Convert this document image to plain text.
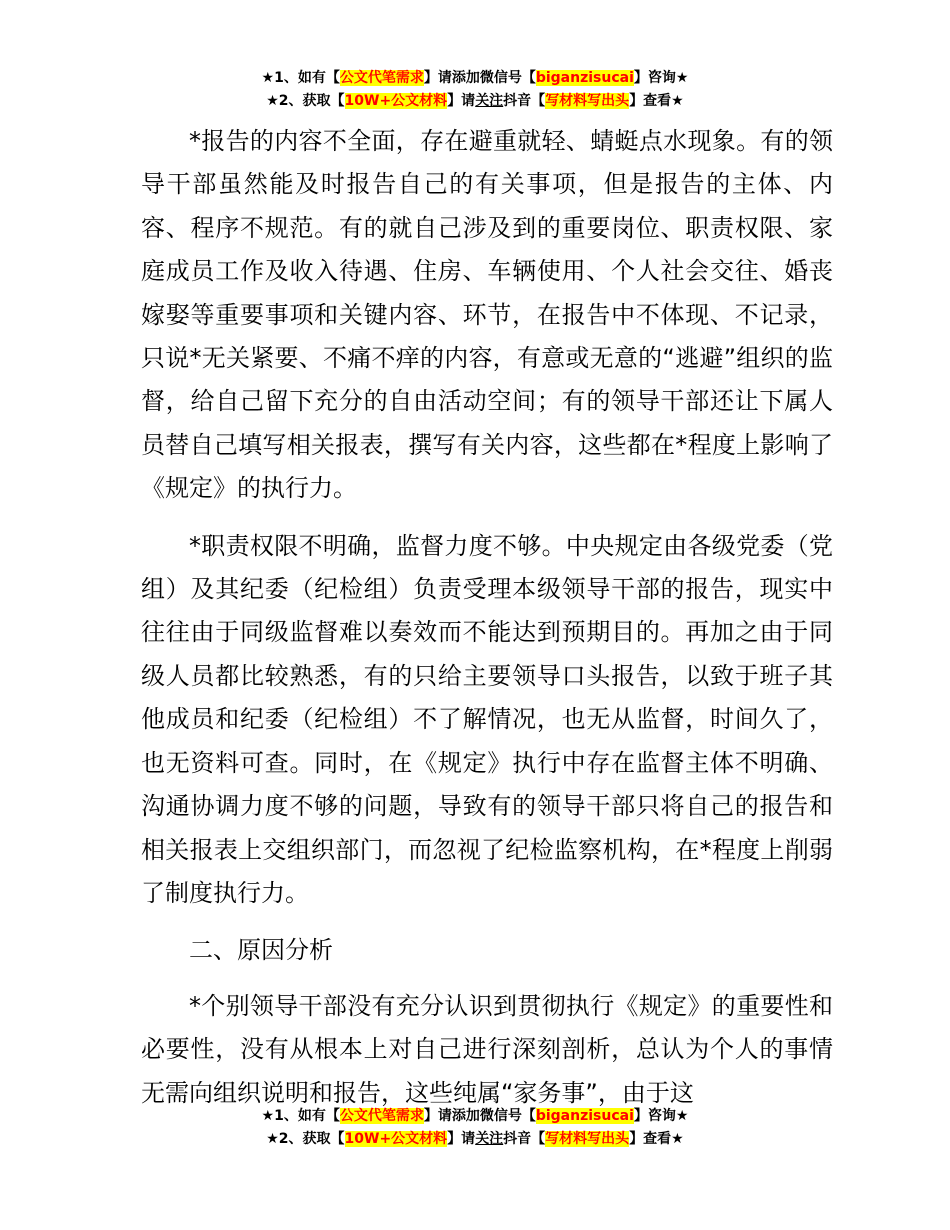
★1、如有【公文代笔需求】请添加微信号【biganzisucai】咨询★
★2、获取【10W+公文材料】请关注抖音【写材料写出头】查看★

*报告的内容不全面，存在避重就轻、蜻蜓点水现象。有的领导干部虽然能及时报告自己的有关事项，但是报告的主体、内容、程序不规范。有的就自己涉及到的重要岗位、职责权限、家庭成员工作及收入待遇、住房、车辆使用、个人社会交往、婚丧嫁娶等重要事项和关键内容、环节，在报告中不体现、不记录，只说*无关紧要、不痛不痒的内容，有意或无意的“逃避”组织的监督，给自己留下充分的自由活动空间；有的领导干部还让下属人员替自己填写相关报表，撰写有关内容，这些都在*程度上影响了《规定》的执行力。

*职责权限不明确，监督力度不够。中央规定由各级党委（党组）及其纪委（纪检组）负责受理本级领导干部的报告，现实中往往由于同级监督难以奏效而不能达到预期目的。再加之由于同级人员都比较熟悉，有的只给主要领导口头报告，以致于班子其他成员和纪委（纪检组）不了解情况，也无从监督，时间久了，也无资料可查。同时，在《规定》执行中存在监督主体不明确、沟通协调力度不够的问题，导致有的领导干部只将自己的报告和相关报表上交组织部门，而忽视了纪检监察机构，在*程度上削弱了制度执行力。

二、原因分析

*个别领导干部没有充分认识到贯彻执行《规定》的重要性和必要性，没有从根本上对自己进行深刻剖析，总认为个人的事情无需向组织说明和报告，这些纯属“家务事”，由于这

★1、如有【公文代笔需求】请添加微信号【biganzisucai】咨询★
★2、获取【10W+公文材料】请关注抖音【写材料写出头】查看★
